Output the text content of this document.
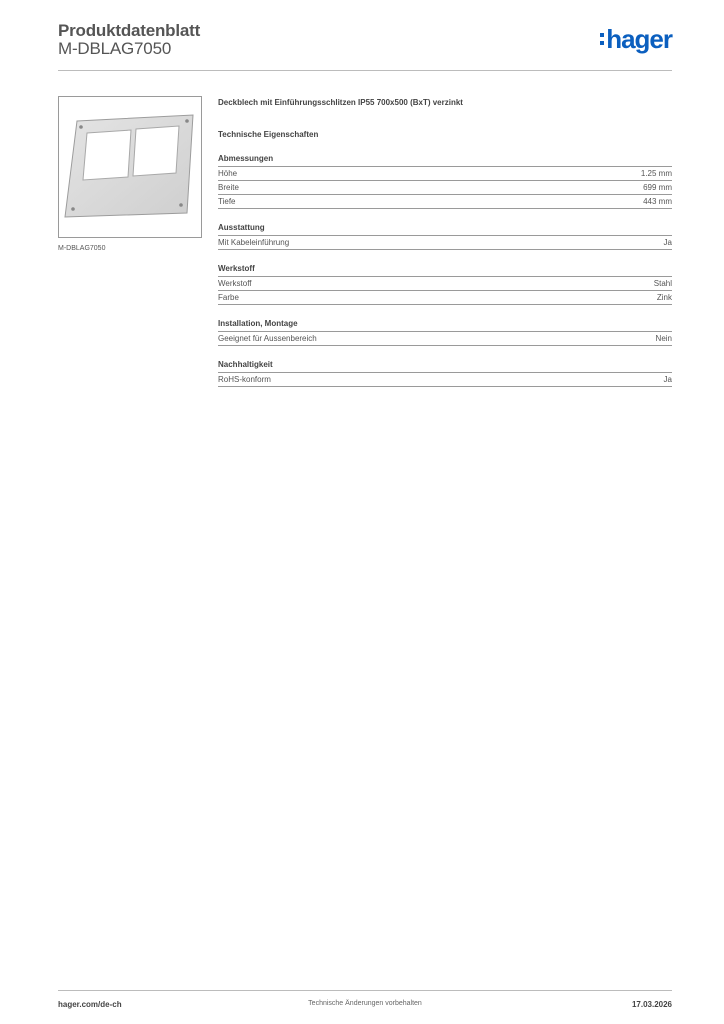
Produktdatenblatt
M-DBLAG7050	hager
M-DBLAG7050
Deckblech mit Einführungsschlitzen IP55 700x500 (BxT) verzinkt
Technische Eigenschaften
Abmessungen
Höhe	1.25 mm
Breite	699 mm
Tiefe	443 mm
Ausstattung
Mit Kabeleinführung	Ja
Werkstoff
Werkstoff	Stahl
Farbe	Zink
Installation, Montage
Geeignet für Aussenbereich	Nein
Nachhaltigkeit
RoHS-konform	Ja
hager.com/de-ch	Technische Änderungen vorbehalten	17.03.2026
